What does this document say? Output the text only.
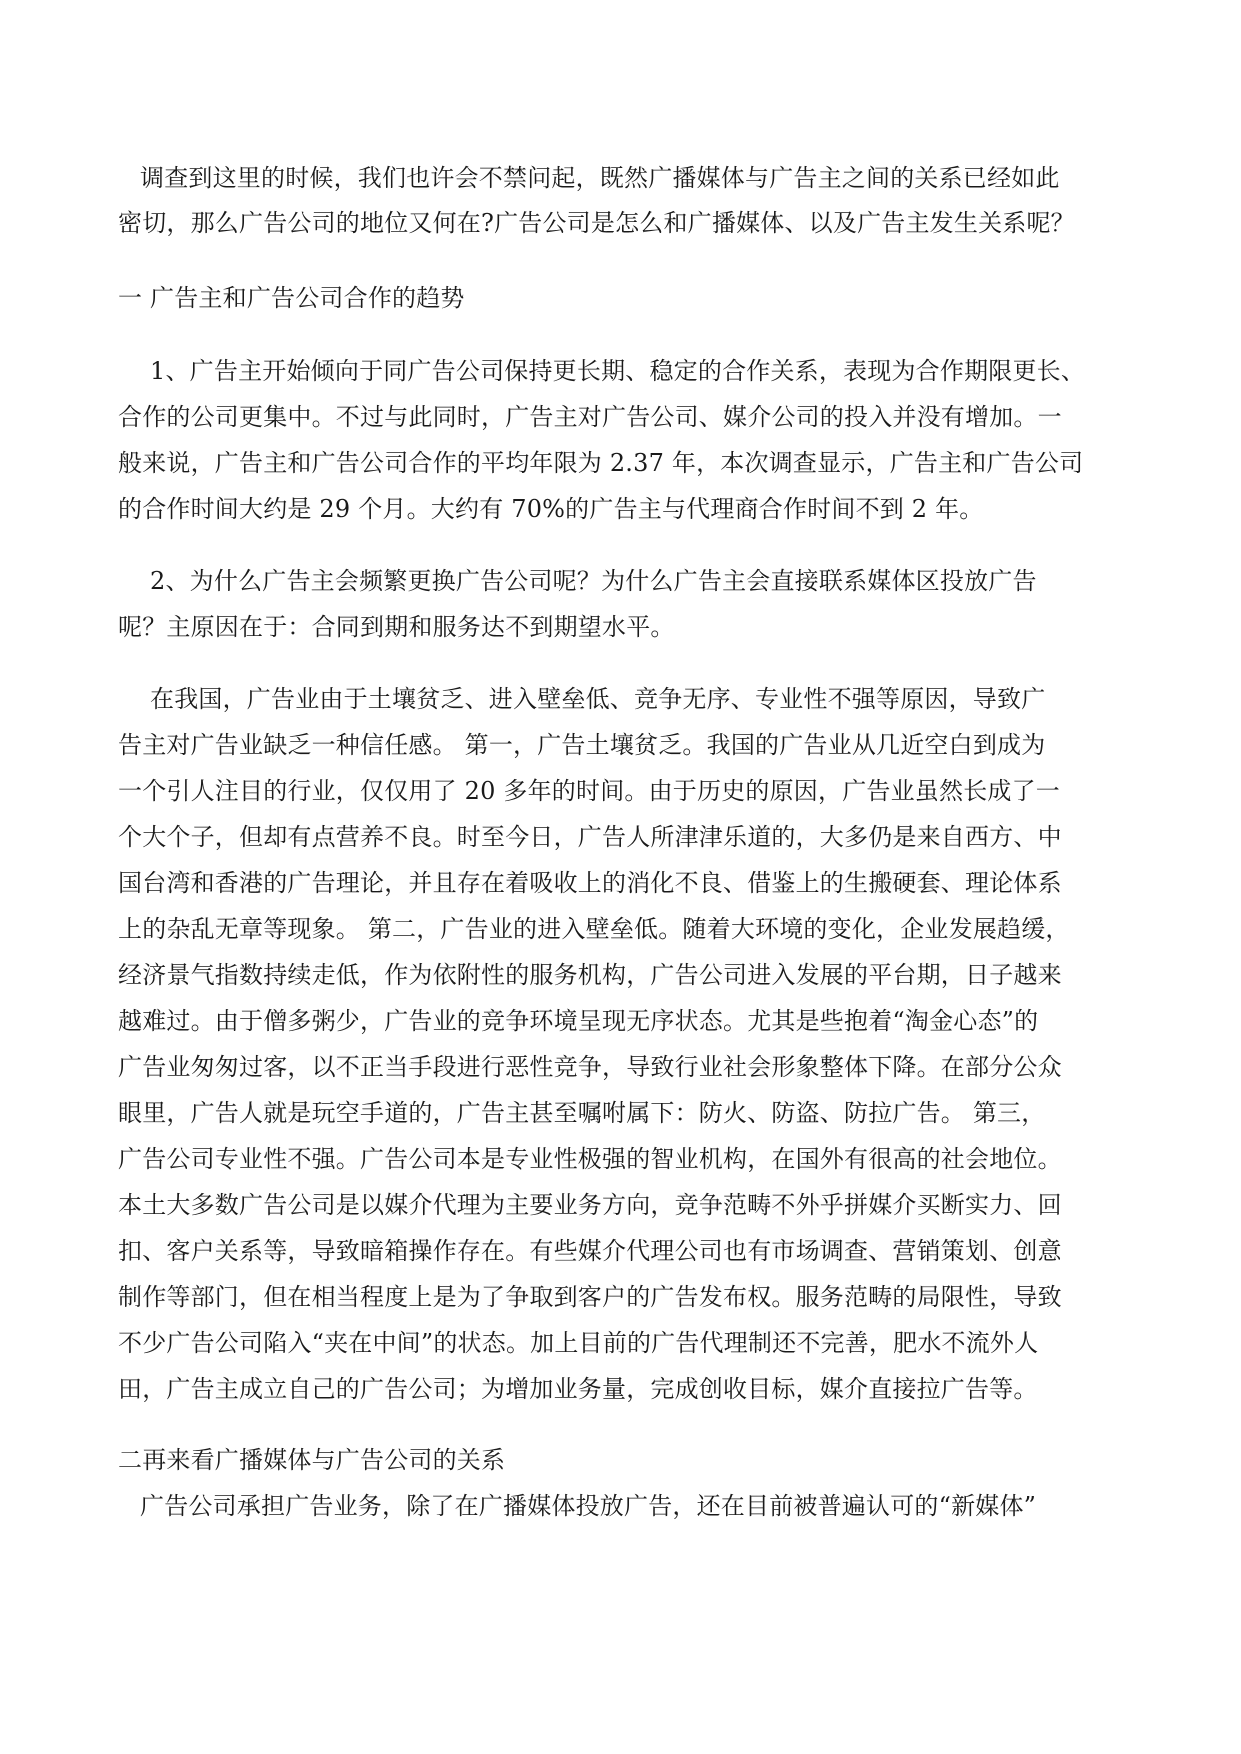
调查到这里的时候，我们也许会不禁问起，既然广播媒体与广告主之间的关系已经如此
密切，那么广告公司的地位又何在?广告公司是怎么和广播媒体、以及广告主发生关系呢？
一 广告主和广告公司合作的趋势
1、广告主开始倾向于同广告公司保持更长期、稳定的合作关系，表现为合作期限更长、
合作的公司更集中。不过与此同时，广告主对广告公司、媒介公司的投入并没有增加。一
般来说，广告主和广告公司合作的平均年限为 2.37 年，本次调查显示，广告主和广告公司
的合作时间大约是 29 个月。大约有 70%的广告主与代理商合作时间不到 2 年。
2、为什么广告主会频繁更换广告公司呢？为什么广告主会直接联系媒体区投放广告
呢？主原因在于：合同到期和服务达不到期望水平。
在我国，广告业由于土壤贫乏、进入壁垒低、竞争无序、专业性不强等原因，导致广
告主对广告业缺乏一种信任感。 第一，广告土壤贫乏。我国的广告业从几近空白到成为
一个引人注目的行业，仅仅用了 20 多年的时间。由于历史的原因，广告业虽然长成了一
个大个子，但却有点营养不良。时至今日，广告人所津津乐道的，大多仍是来自西方、中
国台湾和香港的广告理论，并且存在着吸收上的消化不良、借鉴上的生搬硬套、理论体系
上的杂乱无章等现象。 第二，广告业的进入壁垒低。随着大环境的变化，企业发展趋缓，
经济景气指数持续走低，作为依附性的服务机构，广告公司进入发展的平台期，日子越来
越难过。由于僧多粥少，广告业的竞争环境呈现无序状态。尤其是些抱着“淘金心态”的
广告业匆匆过客，以不正当手段进行恶性竞争，导致行业社会形象整体下降。在部分公众
眼里，广告人就是玩空手道的，广告主甚至嘱咐属下：防火、防盗、防拉广告。 第三，
广告公司专业性不强。广告公司本是专业性极强的智业机构，在国外有很高的社会地位。
本土大多数广告公司是以媒介代理为主要业务方向，竞争范畴不外乎拼媒介买断实力、回
扣、客户关系等，导致暗箱操作存在。有些媒介代理公司也有市场调查、营销策划、创意
制作等部门，但在相当程度上是为了争取到客户的广告发布权。服务范畴的局限性，导致
不少广告公司陷入“夹在中间”的状态。加上目前的广告代理制还不完善，肥水不流外人
田，广告主成立自己的广告公司；为增加业务量，完成创收目标，媒介直接拉广告等。
二再来看广播媒体与广告公司的关系
广告公司承担广告业务，除了在广播媒体投放广告，还在目前被普遍认可的“新媒体”
